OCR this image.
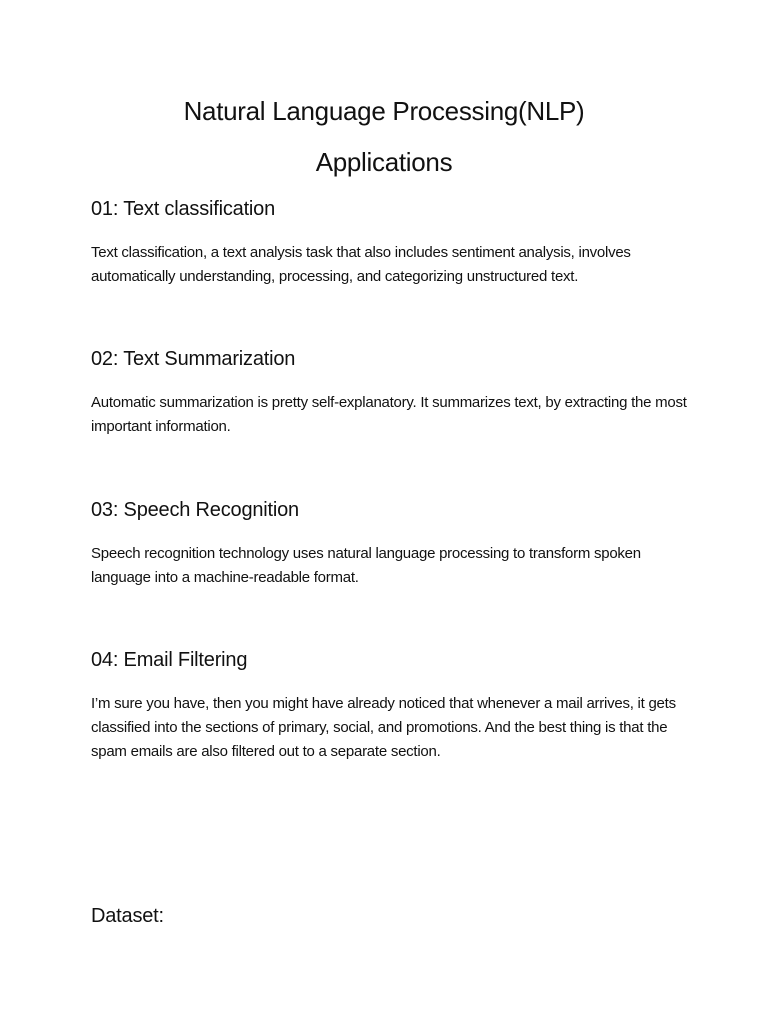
Natural Language Processing(NLP)
Applications
01: Text classification
Text classification, a text analysis task that also includes sentiment analysis, involves automatically understanding, processing, and categorizing unstructured text.
02: Text Summarization
Automatic summarization is pretty self-explanatory. It summarizes text, by extracting the most important information.
03: Speech Recognition
Speech recognition technology uses natural language processing to transform spoken language into a machine-readable format.
04: Email Filtering
I’m sure you have, then you might have already noticed that whenever a mail arrives, it gets classified into the sections of primary, social, and promotions. And the best thing is that the spam emails are also filtered out to a separate section.
Dataset:
